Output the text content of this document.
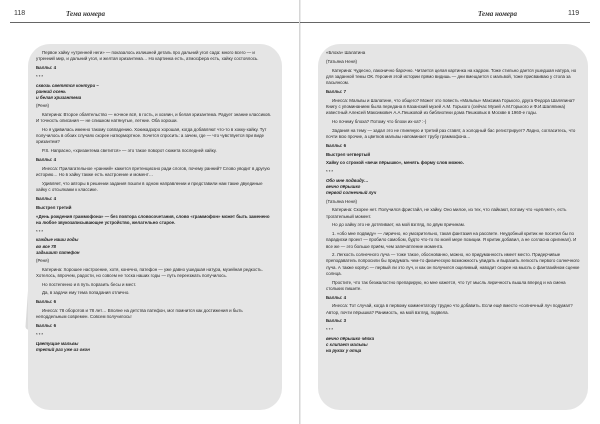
118	Тема номера

Первое хайку «утренней неги» — показалось излишней деталь про дальний угол сада: много всего — и утренний мир, и дальний угол, и желтая хризантема… Но картинка есть, атмосфера есть, хайку состоялось.

Баллы: 4

***

сквозь светятся контури –
ранний осень
и белая хризантема

(Реня)

Катерина: Второе обаятельство — ночное всё, в гость, и хозяин, и белая хризантема. Радует знание классиков. И точность описания — не слишком натянутые, летние. Оба хороши.

Но я удивилась именно такому совпадению. Хокикадзоро хорошая, когда добавляют что-то в хокку-хайку. Тут получилось в обоих случаях скорее натюрмортное. Хочется спросить: а зачем, где — что чувствуется при виде хризантем?

Р.S. Напрасно, «хризантема светится» — это такое поворот сюжета последней хайку.

Баллы: 4

Инесса: Прилагательное «ранний» кажется претенциозно ради слогов, почему ранний? Слово уводит в другую историю… Но в хайку также есть настроение и момент…

Удивляет, что авторы в решении задания пошли в одном направлении и представили нам такие двуединые хайку с отсылками к классике.

Баллы: 4

Выстрел третий

«День рождения граммофона» — без повтора словосочетания, слово «граммофон» может быть заменено на любое звукозаписывающее устройство, желательно старое.

***

каждые наши годы
во все 78
задышит патефон

(Реня)

Катерина: Хорошее настроение, хотя, конечно, патефон — уже давно ушедшая натура, музейная редкость. Хотелось, впрочем, радости, но совсем не тоска наших годы — путь переезжать получилось.

Но постепенно и в путь поразить бесы и мест.

Да, в задачи ему тема попадания отлично.

Баллы: 6

Инесса: 78 оборотов и 78 лет… Вполне на детства патефон, мог помнится как достижения и быть неподдельным современ. Совсем получилось!

Баллы: 6

***

Цветущие мальвы
третий раз уже из окон
Тема номера	119

«Блоха» Шалатина

(Татьяна Неня)

Катерина: Чудесно, лаконично барочно. Читается целая картинка на кадром. Тоже стильно дается ушедшая натура, но для заданной темы ОК. Героиня этой истории прямо видишь — дни вмещается с мальвой, тоже присваиваю у стола за пасьянсом.

Баллы: 7

Инесса: Мальвы и Шалатине, что общего? Может это повесть «Мальвы» Максима Горького, друга Федора Шаляпина? Книгу с упоминанием была передана в Казанский музей А.М. Горького (сейчас Музей А.М.Горького и Ф.И.Шаляпина) известный Алексей Максимович А.А.Пешковой из библиотеки дома Пешковых в Москве в 1960-е годы.

Но почему блоха? Потому что блохи их-ха? :-)

Задания на тему — задал это не глиняную и третий раз ставят, а холодный бас регистрирует? Ладно, согласитесь, что почти всю прочие, а цветков мальвы напоминает трубу граммофона…

Баллы: 6

Выстрел четвертый

Хайку со строкой «вечи пёрышко», менять форму слов можно.

***

Обо мне подвиду…
вечно пёрышко
первой солнечный луч

(Татьяна Неня)

Катерина: Скорее нет. Получился фристайл, не хайку. Оно милое, из тех, что лайкают, потому что «цепляет», есть трогательный момент.

Но до хайку это не дотягивает, на мой взгляд, по двум причинам.

1. «обо мне подвиду» — лирично, но умозрительно, такая фантазия на рассвете. Неудобный критик не посетил бы по парадиски проект — пробило самобом, будто что-то по моей мере позиции. Я критик добавил, а не согласна оригинал). И все же — это больше приём, чем запечатление момента.

2. Легкость солнечного луча — тоже такое, обоснованно, можно, но придуманность имеет место. Придерчивые преподаватель попросили бы придумать чем-то физическую возможность увидать и выразить легкость первого солнечного луча. А также корпус — первый ли это луч, и как он получился ощелимый, наводит скорее на мысль о фантазийном сценке солнца.

Простите, что так безжалостно препарирую, но мне кажется, что тут мысль лиричность вышла вперед и на смена стольких пишите.

Баллы: 4

Инесса: Тот случай, когда в первому комментатору трудно что добавить. Если ещё вместо «солнечный луч подумал? Автор, почти пёрышка? Ранимость, на мой взгляд, подвела.

Баллы: 3

***

вечно пёрышко чёлка
с клипает мальвы
на руках у отца
